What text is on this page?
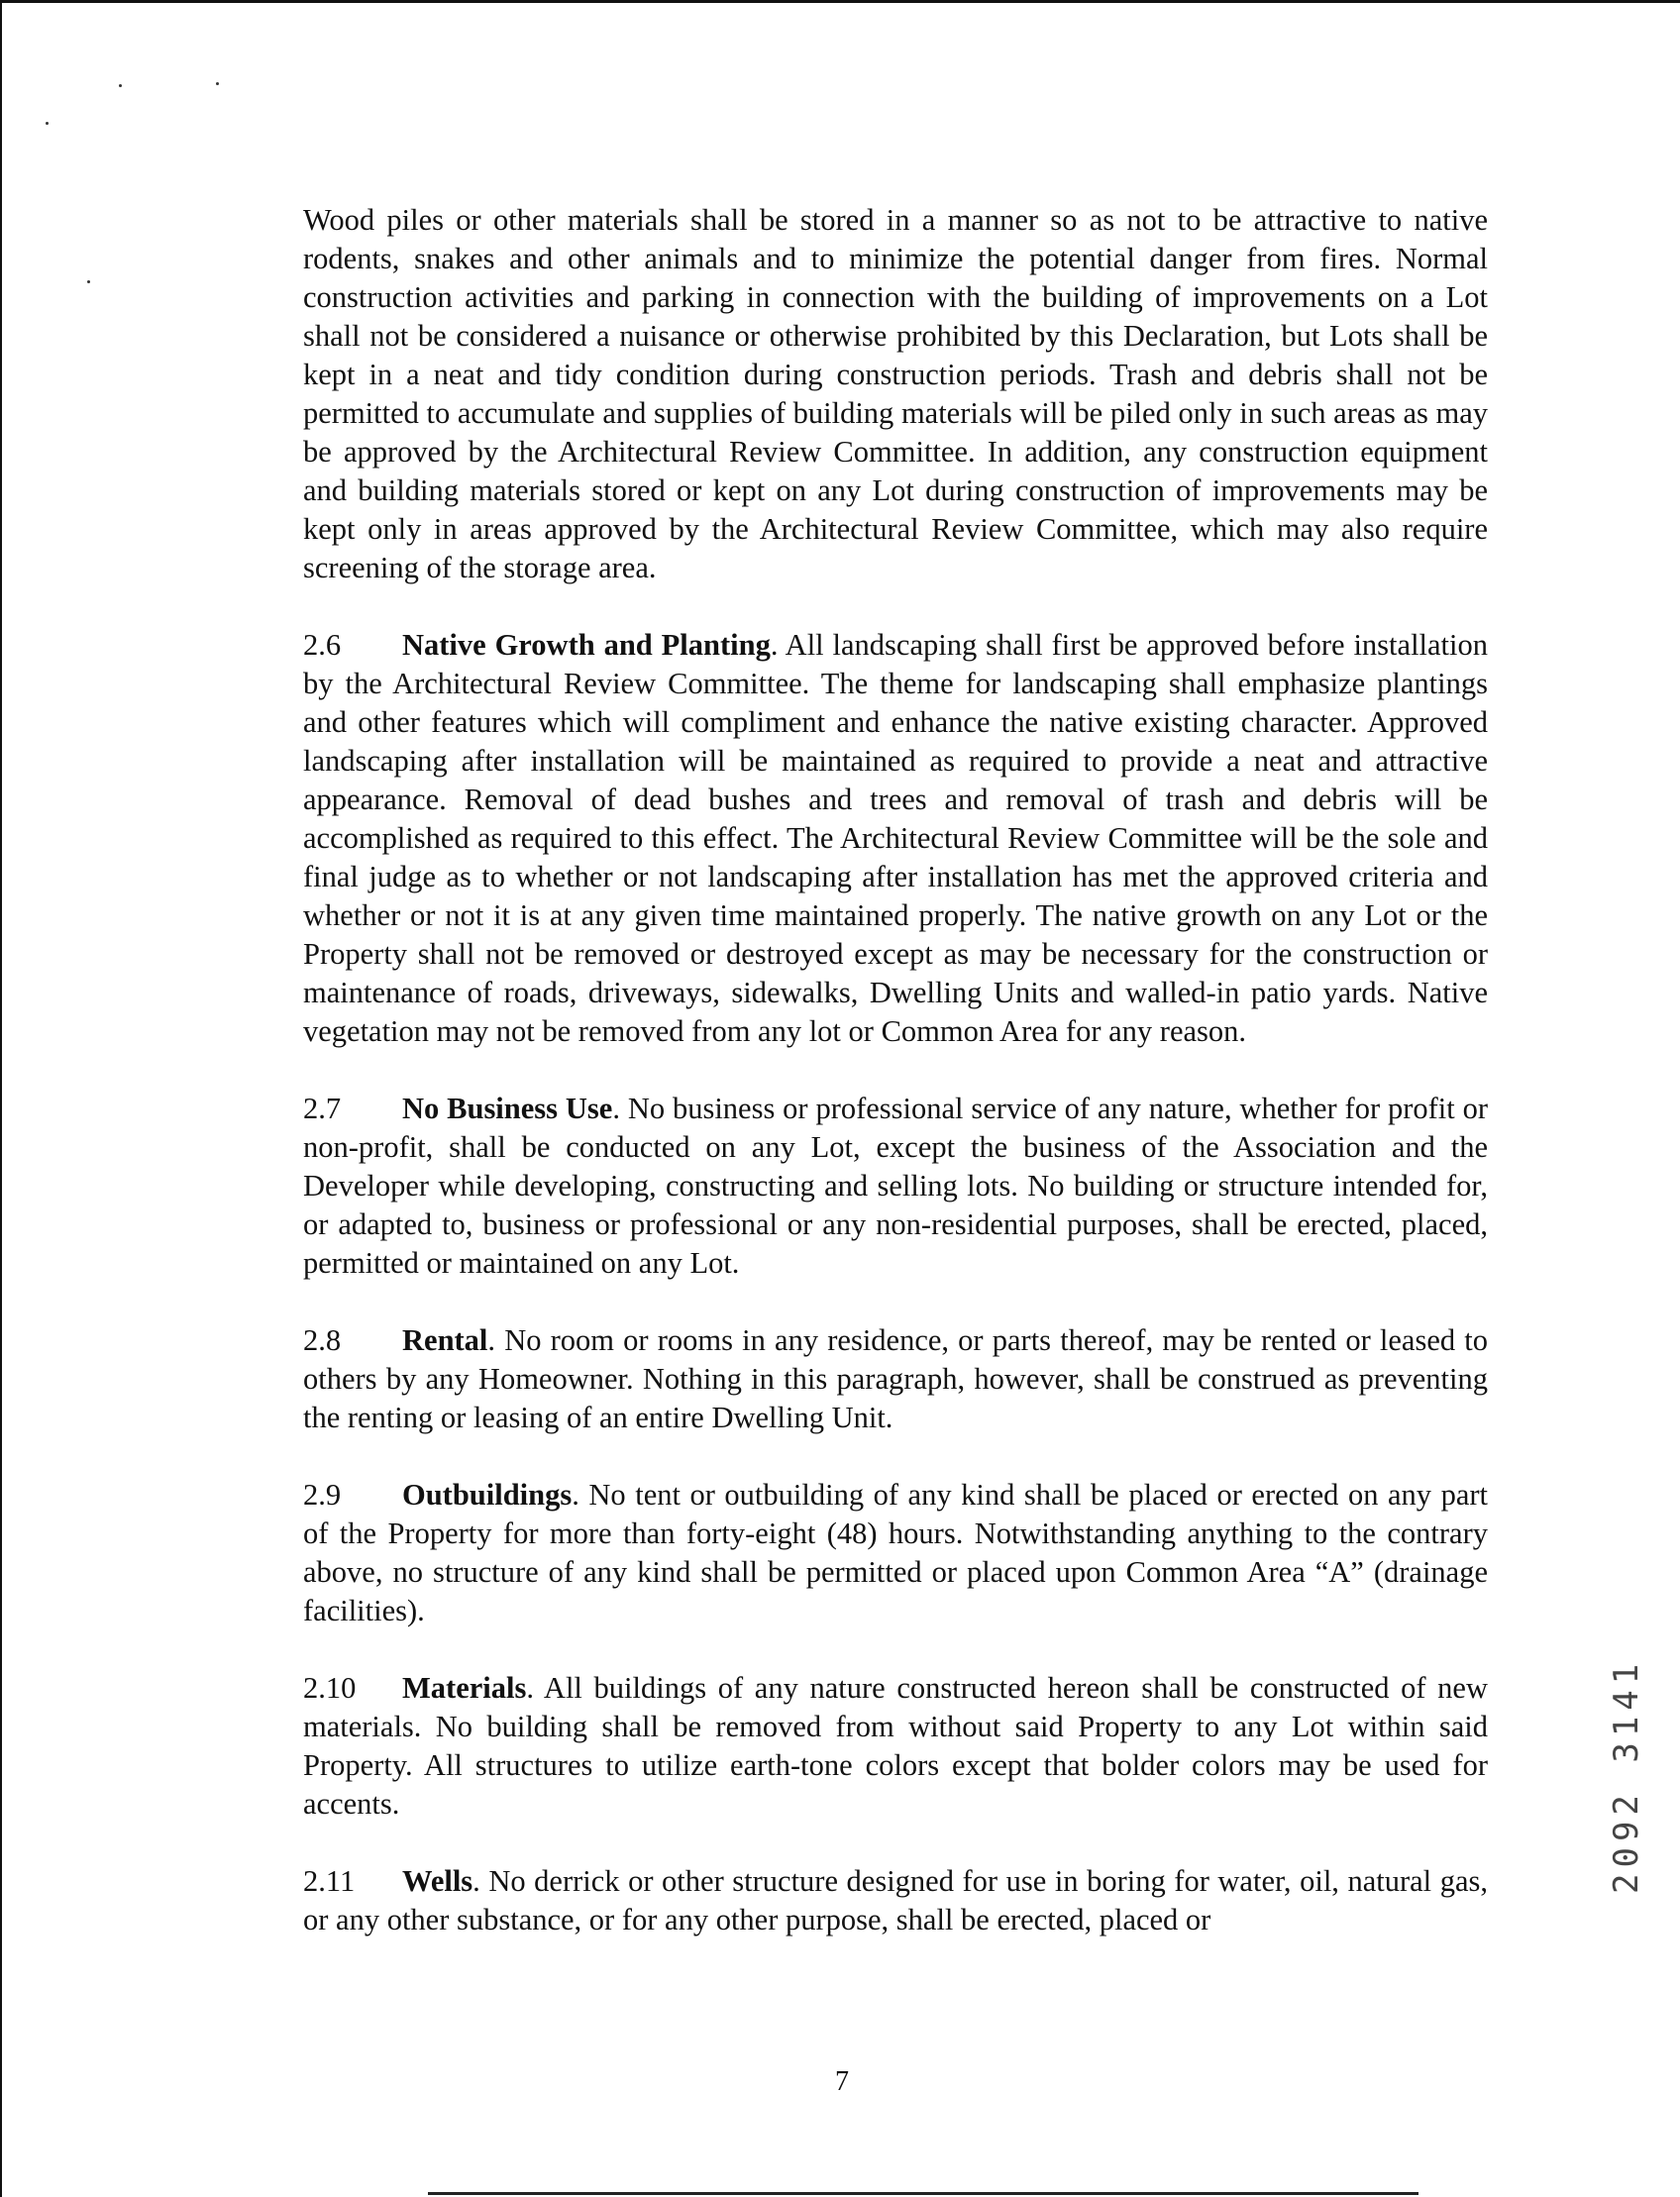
Wood piles or other materials shall be stored in a manner so as not to be attractive to native rodents, snakes and other animals and to minimize the potential danger from fires. Normal construction activities and parking in connection with the building of improvements on a Lot shall not be considered a nuisance or otherwise prohibited by this Declaration, but Lots shall be kept in a neat and tidy condition during construction periods. Trash and debris shall not be permitted to accumulate and supplies of building materials will be piled only in such areas as may be approved by the Architectural Review Committee. In addition, any construction equipment and building materials stored or kept on any Lot during construction of improvements may be kept only in areas approved by the Architectural Review Committee, which may also require screening of the storage area.

2.6 Native Growth and Planting. All landscaping shall first be approved before installation by the Architectural Review Committee. The theme for landscaping shall emphasize plantings and other features which will compliment and enhance the native existing character. Approved landscaping after installation will be maintained as required to provide a neat and attractive appearance. Removal of dead bushes and trees and removal of trash and debris will be accomplished as required to this effect. The Architectural Review Committee will be the sole and final judge as to whether or not landscaping after installation has met the approved criteria and whether or not it is at any given time maintained properly. The native growth on any Lot or the Property shall not be removed or destroyed except as may be necessary for the construction or maintenance of roads, driveways, sidewalks, Dwelling Units and walled-in patio yards. Native vegetation may not be removed from any lot or Common Area for any reason.

2.7 No Business Use. No business or professional service of any nature, whether for profit or non-profit, shall be conducted on any Lot, except the business of the Association and the Developer while developing, constructing and selling lots. No building or structure intended for, or adapted to, business or professional or any non-residential purposes, shall be erected, placed, permitted or maintained on any Lot.

2.8 Rental. No room or rooms in any residence, or parts thereof, may be rented or leased to others by any Homeowner. Nothing in this paragraph, however, shall be construed as preventing the renting or leasing of an entire Dwelling Unit.

2.9 Outbuildings. No tent or outbuilding of any kind shall be placed or erected on any part of the Property for more than forty-eight (48) hours. Notwithstanding anything to the contrary above, no structure of any kind shall be permitted or placed upon Common Area “A” (drainage facilities).

2.10 Materials. All buildings of any nature constructed hereon shall be constructed of new materials. No building shall be removed from without said Property to any Lot within said Property. All structures to utilize earth-tone colors except that bolder colors may be used for accents.

2.11 Wells. No derrick or other structure designed for use in boring for water, oil, natural gas, or any other substance, or for any other purpose, shall be erected, placed or

2092 3141
7
